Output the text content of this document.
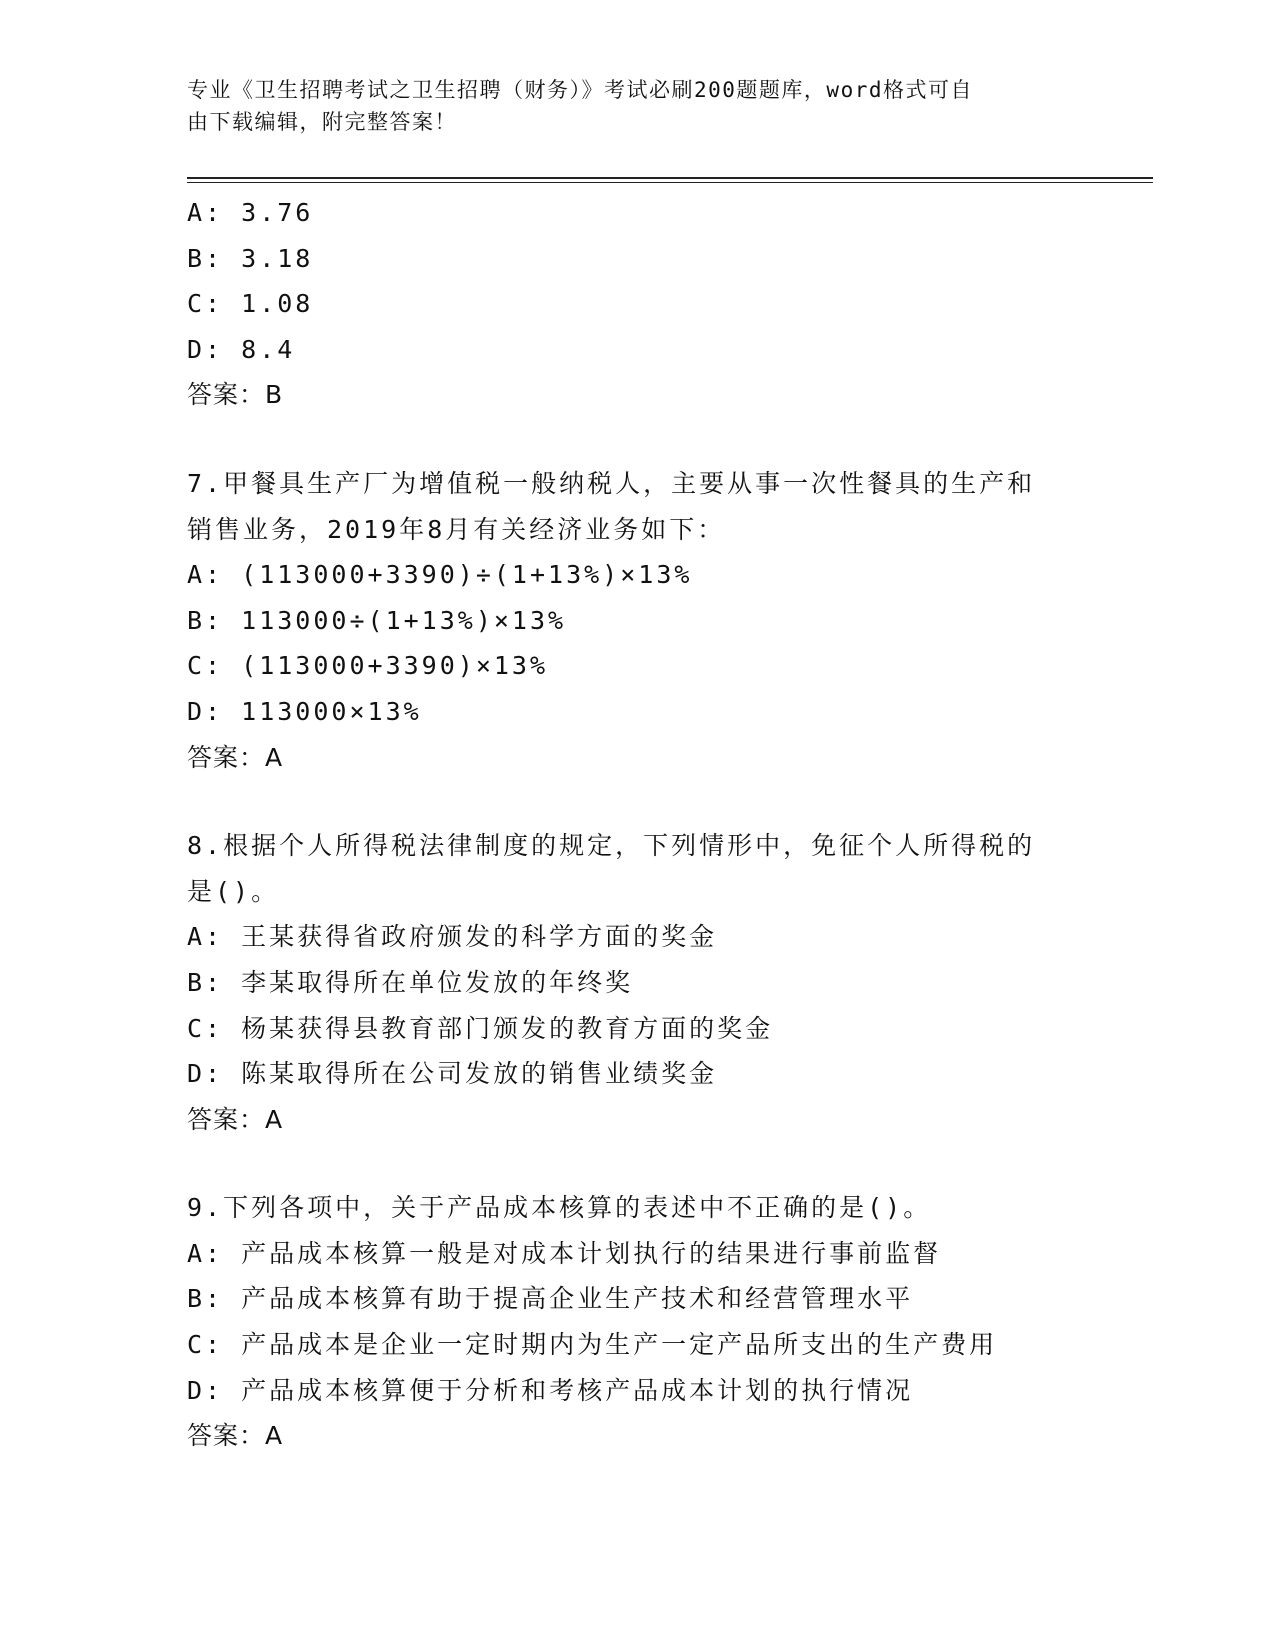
专业《卫生招聘考试之卫生招聘（财务）》考试必刷200题题库，word格式可自
由下载编辑，附完整答案！
A: 3.76
B: 3.18
C: 1.08
D: 8.4
答案：B
7.甲餐具生产厂为增值税一般纳税人，主要从事一次性餐具的生产和
销售业务，2019年8月有关经济业务如下：
A: (113000+3390)÷(1+13%)×13%
B: 113000÷(1+13%)×13%
C: (113000+3390)×13%
D: 113000×13%
答案：A
8.根据个人所得税法律制度的规定，下列情形中，免征个人所得税的
是()。
A: 王某获得省政府颁发的科学方面的奖金
B: 李某取得所在单位发放的年终奖
C: 杨某获得县教育部门颁发的教育方面的奖金
D: 陈某取得所在公司发放的销售业绩奖金
答案：A
9.下列各项中，关于产品成本核算的表述中不正确的是()。
A: 产品成本核算一般是对成本计划执行的结果进行事前监督
B: 产品成本核算有助于提高企业生产技术和经营管理水平
C: 产品成本是企业一定时期内为生产一定产品所支出的生产费用
D: 产品成本核算便于分析和考核产品成本计划的执行情况
答案：A
